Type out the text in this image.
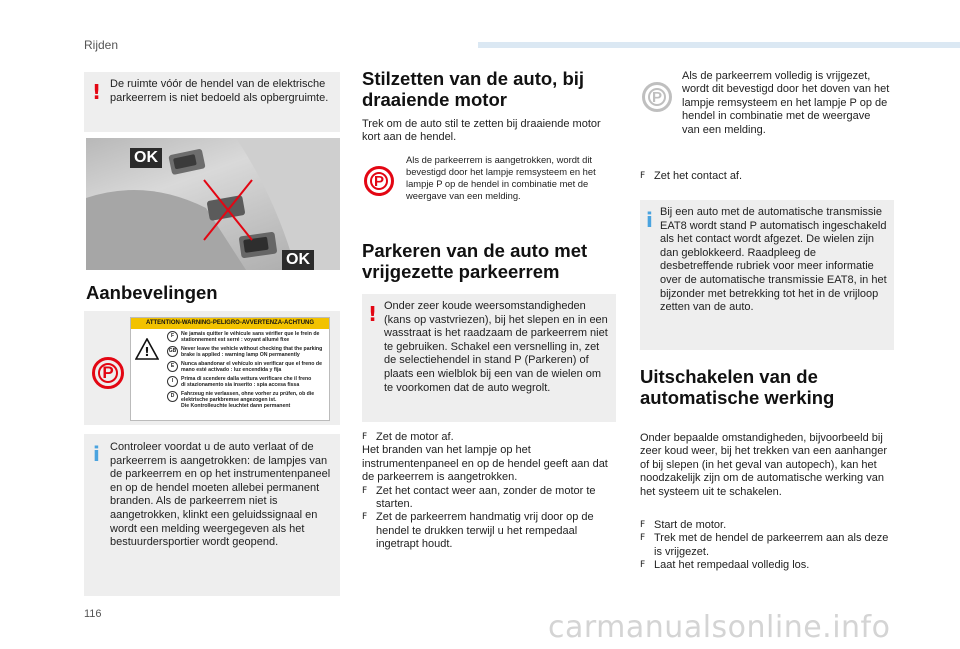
Rijden
! De ruimte vóór de hendel van de elektrische parkeerrem is niet bedoeld als opbergruimte.

OK
OK
Aanbevelingen
P
ATTENTION-WARNING-PELIGRO-AVVERTENZA-ACHTUNG
!
F	Ne jamais quitter le véhicule sans vérifier que le frein de
stationnement est serré : voyant allumé fixe
GB Never leave the vehicle without checking that the parking
brake is applied : warning lamp ON permanently
E	Nunca abandonar el vehículo sin verificar que el freno de
mano esté activado : luz encendida y fija
I	Prima di scendere dalla vettura verificare che il freno
di stazionamento sia inserito : spia accesa fissa
D	Fahrzeug nie verlassen, ohne vorher zu prüfen, ob die
elektrische parkbremse angezogen ist.
Die Kontrolleuchte leuchtet dann permanent
i Controleer voordat u de auto verlaat of de parkeerrem is aangetrokken: de lampjes van de parkeerrem en op het instrumentenpaneel en op de hendel moeten allebei permanent branden. Als de parkeerrem niet is aangetrokken, klinkt een geluidssignaal en wordt een melding weergegeven als het bestuurdersportier wordt geopend.

Stilzetten van de auto, bij draaiende motor

Trek om de auto stil te zetten bij draaiende motor kort aan de hendel.

P

Als de parkeerrem is aangetrokken, wordt dit bevestigd door het lampje remsysteem en het lampje P op de hendel in combinatie met de weergave van een melding.

Parkeren van de auto met vrijgezette parkeerrem
! Onder zeer koude weersomstandigheden (kans op vastvriezen), bij het slepen en in een wasstraat is het raadzaam de parkeerrem niet te gebruiken. Schakel een versnelling in, zet de selectiehendel in stand P (Parkeren) of plaats een wielblok bij een van de wielen om te voorkomen dat de auto wegrolt.

F Zet de motor af.
Het branden van het lampje op het instrumentenpaneel en op de hendel geeft aan dat de parkeerrem is aangetrokken.
F Zet het contact weer aan, zonder de motor te starten.
F Zet de parkeerrem handmatig vrij door op de hendel te drukken terwijl u het rempedaal ingetrapt houdt.
P

Als de parkeerrem volledig is vrijgezet, wordt dit bevestigd door het doven van het lampje remsysteem en het lampje P op de hendel in combinatie met de weergave van een melding.

F Zet het contact af.
i Bij een auto met de automatische transmissie EAT8 wordt stand P automatisch ingeschakeld als het contact wordt afgezet. De wielen zijn dan geblokkeerd. Raadpleeg de desbetreffende rubriek voor meer informatie over de automatische transmissie EAT8, in het bijzonder met betrekking tot het in de vrijloop zetten van de auto.

Uitschakelen van de automatische werking

Onder bepaalde omstandigheden, bijvoorbeeld bij zeer koud weer, bij het trekken van een aanhanger of bij slepen (in het geval van autopech), kan het noodzakelijk zijn om de automatische werking van het systeem uit te schakelen.

F Start de motor.
F Trek met de hendel de parkeerrem aan als deze is vrijgezet.
F Laat het rempedaal volledig los.
116	carmanualsonline.info
